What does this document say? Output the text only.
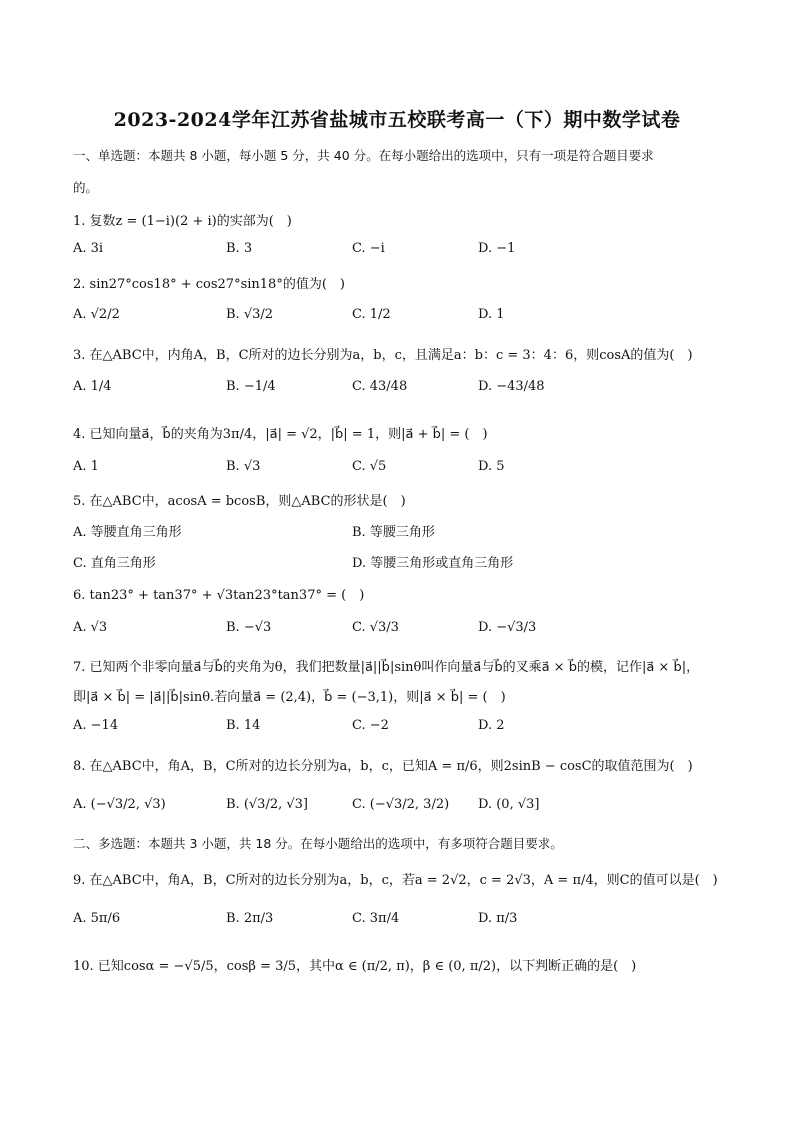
2023-2024学年江苏省盐城市五校联考高一（下）期中数学试卷
一、单选题：本题共 8 小题，每小题 5 分，共 40 分。在每小题给出的选项中，只有一项是符合题目要求
的。
1. 复数z = (1−i)(2 + i)的实部为(　)
A. 3i	B. 3	C. −i	D. −1
2. sin27°cos18° + cos27°sin18°的值为(　)
A. √2/2	B. √3/2	C. 1/2	D. 1
3. 在△ABC中，内角A，B，C所对的边长分别为a，b，c，且满足a：b：c = 3：4：6，则cosA的值为(　)
A. 1/4	B. −1/4	C. 43/48	D. −43/48
4. 已知向量a⃗，b⃗的夹角为3π/4，|a⃗| = √2，|b⃗| = 1，则|a⃗ + b⃗| = (　)
A. 1	B. √3	C. √5	D. 5
5. 在△ABC中，acosA = bcosB，则△ABC的形状是(　)
A. 等腰直角三角形	B. 等腰三角形
C. 直角三角形	D. 等腰三角形或直角三角形
6. tan23° + tan37° + √3tan23°tan37° = (　)
A. √3	B. −√3	C. √3/3	D. −√3/3
7. 已知两个非零向量a⃗与b⃗的夹角为θ，我们把数量|a⃗||b⃗|sinθ叫作向量a⃗与b⃗的叉乘a⃗ × b⃗的模，记作|a⃗ × b⃗|，
即|a⃗ × b⃗| = |a⃗||b⃗|sinθ.若向量a⃗ = (2,4)，b⃗ = (−3,1)，则|a⃗ × b⃗| = (　)
A. −14	B. 14	C. −2	D. 2
8. 在△ABC中，角A，B，C所对的边长分别为a，b，c，已知A = π/6，则2sinB − cosC的取值范围为(　)
A. (−√3/2, √3)	B. (√3/2, √3]	C. (−√3/2, 3/2) D. (0, √3]
二、多选题：本题共 3 小题，共 18 分。在每小题给出的选项中，有多项符合题目要求。
9. 在△ABC中，角A，B，C所对的边长分别为a，b，c，若a = 2√2，c = 2√3，A = π/4，则C的值可以是(　)
A. 5π/6	B. 2π/3	C. 3π/4	D. π/3
10. 已知cosα = −√5/5，cosβ = 3/5，其中α ∈ (π/2, π)，β ∈ (0, π/2)，以下判断正确的是(　)
